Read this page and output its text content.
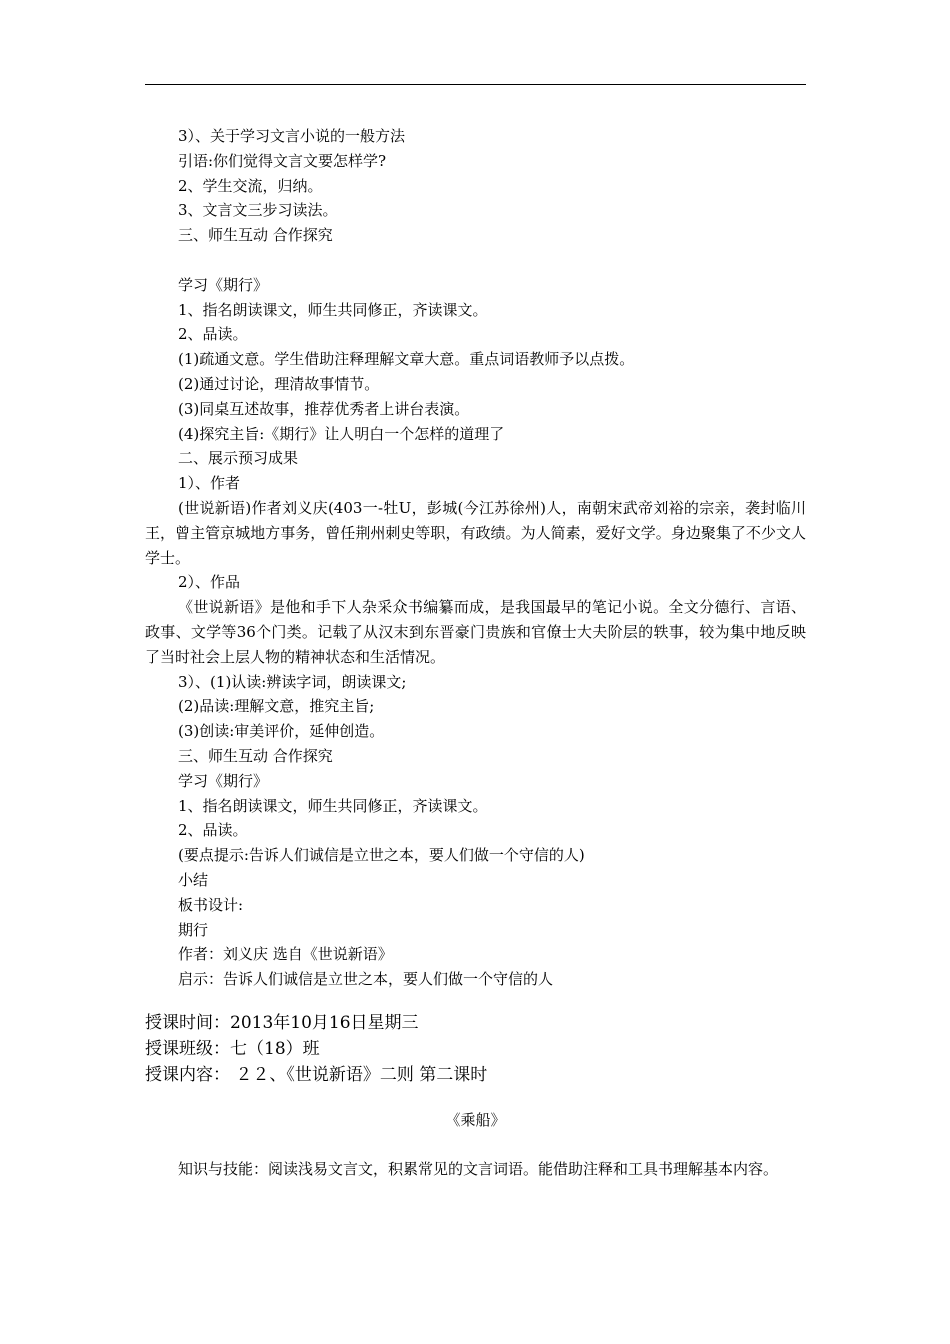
3）、关于学习文言小说的一般方法
引语:你们觉得文言文要怎样学?
2、学生交流，归纳。
3、文言文三步习读法。
三、师生互动 合作探究
学习《期行》
1、指名朗读课文，师生共同修正，齐读课文。
2、品读。
(1)疏通文意。学生借助注释理解文章大意。重点词语教师予以点拨。
(2)通过讨论，理清故事情节。
(3)同桌互述故事，推荐优秀者上讲台表演。
(4)探究主旨:《期行》让人明白一个怎样的道理了
二、展示预习成果
1）、作者
(世说新语)作者刘义庆(403一-牡U，彭城(今江苏徐州)人，南朝宋武帝刘裕的宗亲，袭封临川王，曾主管京城地方事务，曾任荆州刺史等职，有政绩。为人简素，爱好文学。身边聚集了不少文人学士。
2）、作品
《世说新语》是他和手下人杂采众书编纂而成，是我国最早的笔记小说。全文分德行、言语、政事、文学等36个门类。记载了从汉末到东晋豪门贵族和官僚士大夫阶层的轶事，较为集中地反映了当时社会上层人物的精神状态和生活情况。
3）、(1)认读:辨读字词，朗读课文;
(2)品读:理解文意，推究主旨;
(3)创读:审美评价，延伸创造。
三、师生互动 合作探究
学习《期行》
1、指名朗读课文，师生共同修正，齐读课文。
2、品读。
(要点提示:告诉人们诚信是立世之本，要人们做一个守信的人)
小结
板书设计:
期行
作者：刘义庆 选自《世说新语》
启示：告诉人们诚信是立世之本，要人们做一个守信的人
授课时间：2013年10月16日星期三
授课班级：七（18）班
授课内容： ２２、《世说新语》二则 第二课时
《乘船》
知识与技能：阅读浅易文言文，积累常见的文言词语。能借助注释和工具书理解基本内容。
